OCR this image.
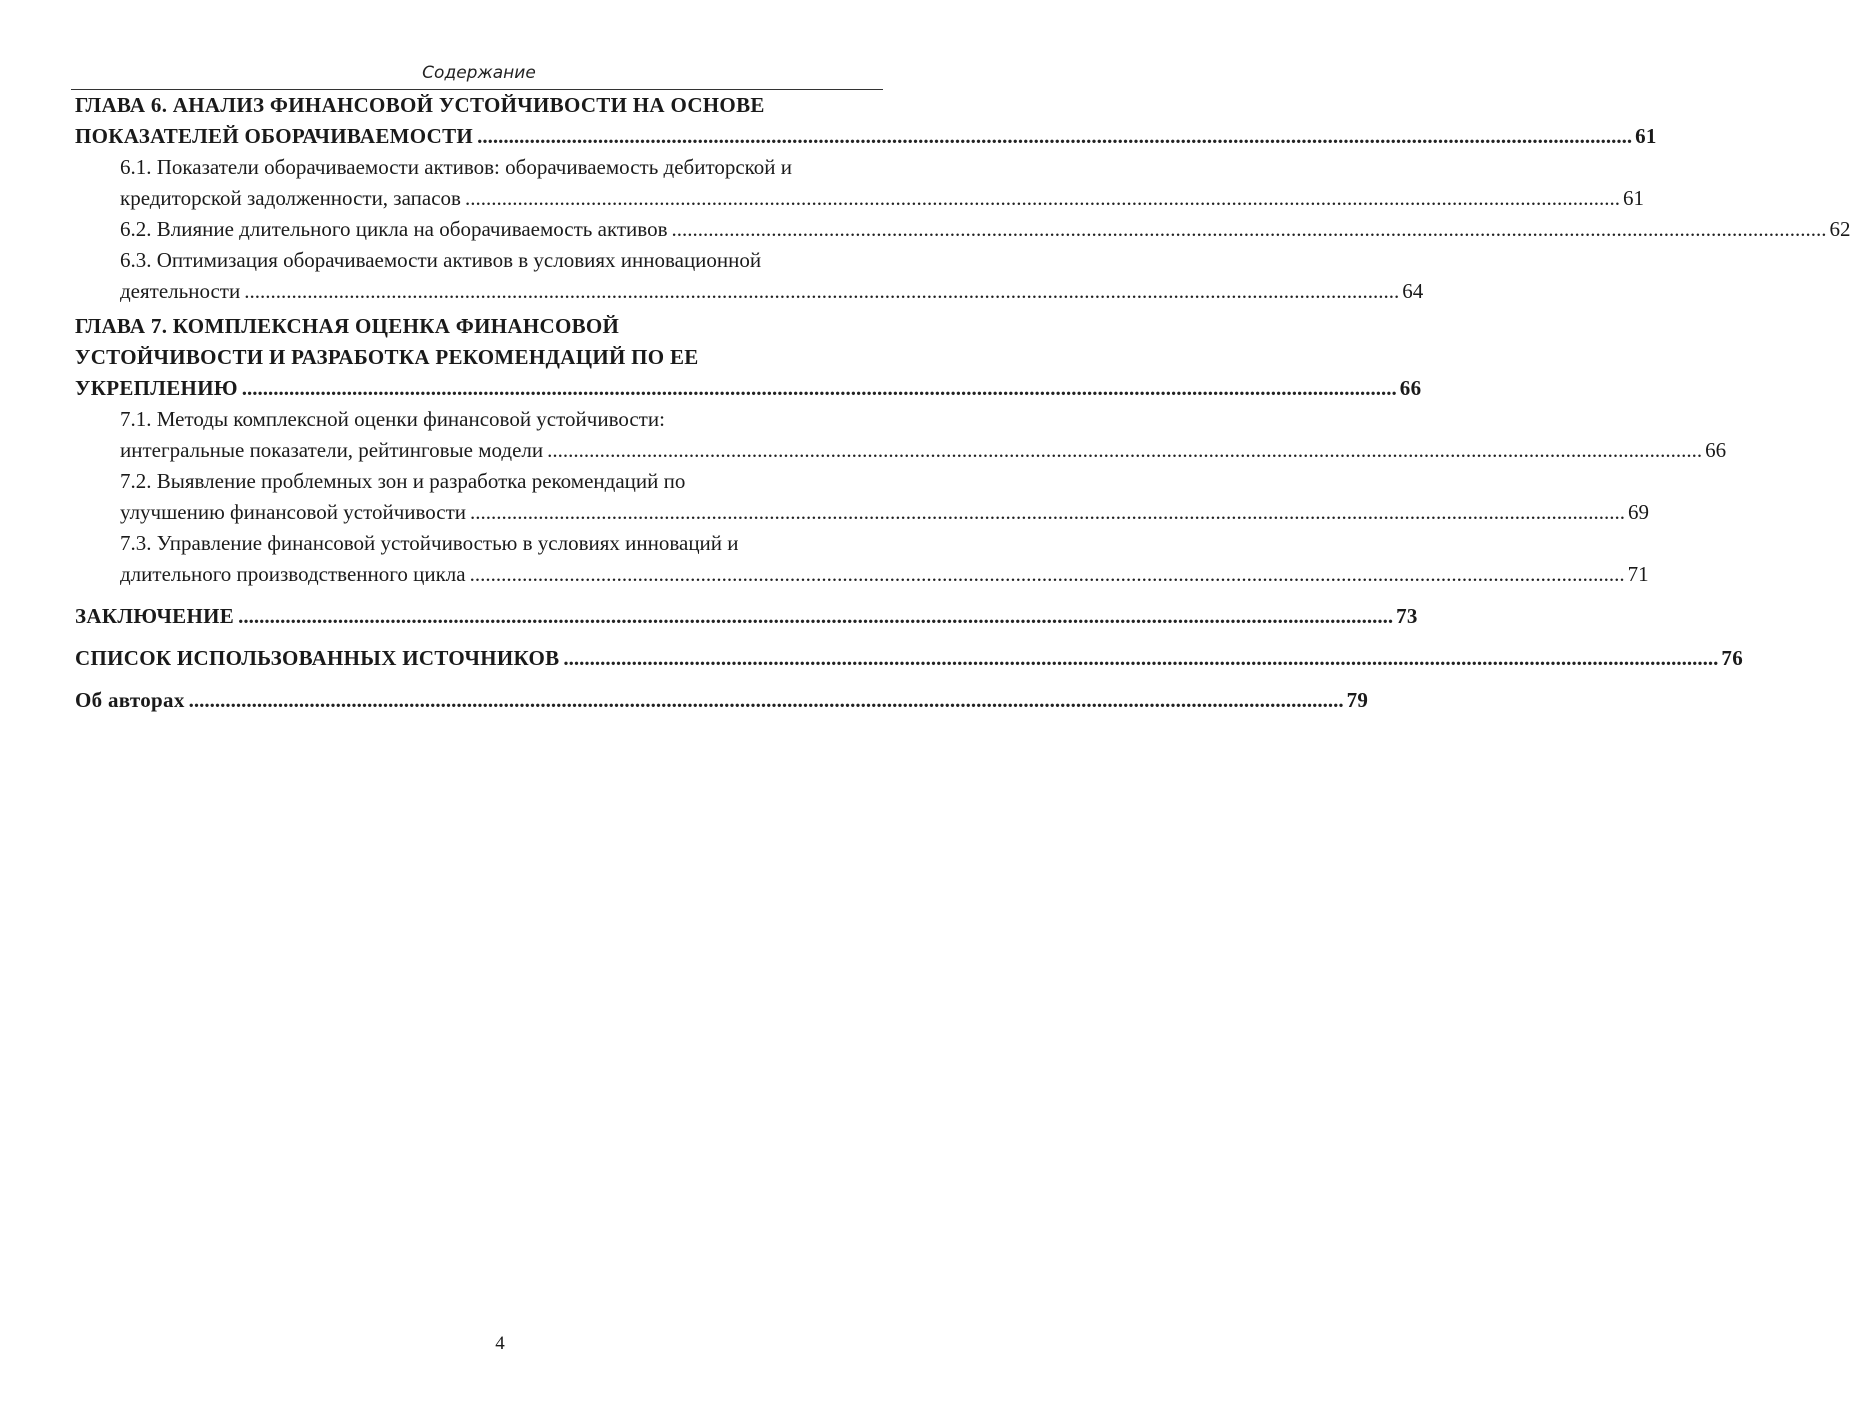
Содержание
ГЛАВА 6. АНАЛИЗ ФИНАНСОВОЙ УСТОЙЧИВОСТИ НА ОСНОВЕ
ПОКАЗАТЕЛЕЙ ОБОРАЧИВАЕМОСТИ ............................................................................................................................................................................................................................ 61
6.1. Показатели оборачиваемости активов: оборачиваемость дебиторской и
кредиторской задолженности, запасов ............................................................................................................................................................................................................................ 61
6.2. Влияние длительного цикла на оборачиваемость активов ............................................................................................................................................................................................................................ 62
6.3. Оптимизация оборачиваемости активов в условиях инновационной
деятельности ............................................................................................................................................................................................................................ 64
ГЛАВА 7. КОМПЛЕКСНАЯ ОЦЕНКА ФИНАНСОВОЙ
УСТОЙЧИВОСТИ И РАЗРАБОТКА РЕКОМЕНДАЦИЙ ПО ЕЕ
УКРЕПЛЕНИЮ ............................................................................................................................................................................................................................ 66
7.1. Методы комплексной оценки финансовой устойчивости:
интегральные показатели, рейтинговые модели ............................................................................................................................................................................................................................ 66
7.2. Выявление проблемных зон и разработка рекомендаций по
улучшению финансовой устойчивости ............................................................................................................................................................................................................................ 69
7.3. Управление финансовой устойчивостью в условиях инноваций и
длительного производственного цикла ............................................................................................................................................................................................................................ 71
ЗАКЛЮЧЕНИЕ ............................................................................................................................................................................................................................ 73
СПИСОК ИСПОЛЬЗОВАННЫХ ИСТОЧНИКОВ ............................................................................................................................................................................................................................ 76
Об авторах ............................................................................................................................................................................................................................ 79
4
